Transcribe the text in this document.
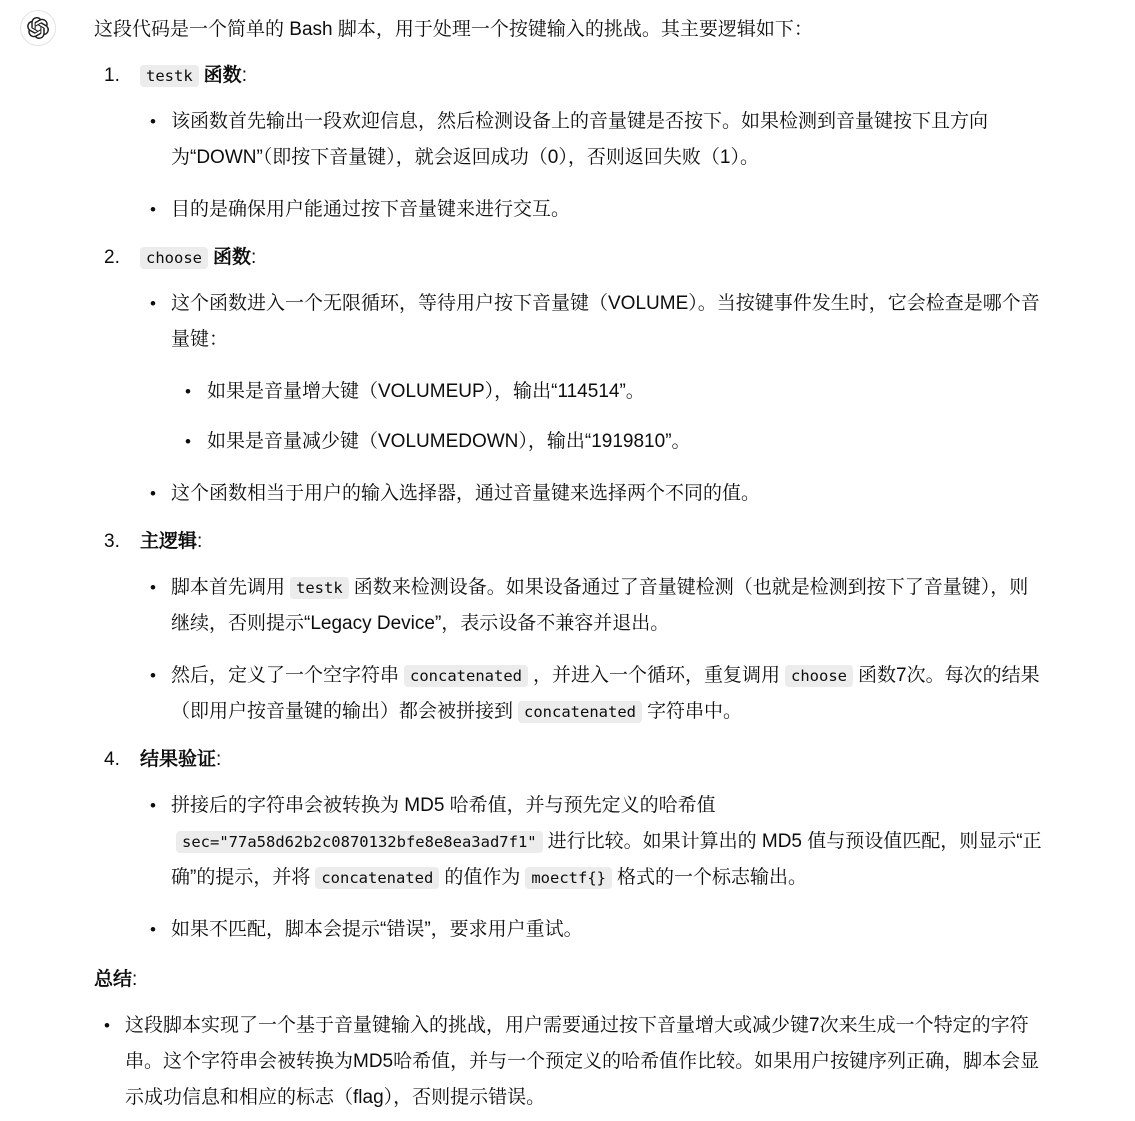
这段代码是一个简单的 Bash 脚本，用于处理一个按键输入的挑战。其主要逻辑如下：

1.	testk 函数:
• 该函数首先输出一段欢迎信息，然后检测设备上的音量键是否按下。如果检测到音量键按下且方向为“DOWN”（即按下音量键），就会返回成功（0），否则返回失败（1）。
• 目的是确保用户能通过按下音量键来进行交互。
2.	choose 函数:
• 这个函数进入一个无限循环，等待用户按下音量键（VOLUME）。当按键事件发生时，它会检查是哪个音量键：
• 如果是音量增大键（VOLUMEUP），输出“114514”。
• 如果是音量减少键（VOLUMEDOWN），输出“1919810”。
• 这个函数相当于用户的输入选择器，通过音量键来选择两个不同的值。
3.	主逻辑:
• 脚本首先调用 testk 函数来检测设备。如果设备通过了音量键检测（也就是检测到按下了音量键），则继续，否则提示“Legacy Device”，表示设备不兼容并退出。
• 然后，定义了一个空字符串 concatenated ，并进入一个循环，重复调用 choose 函数7次。每次的结果（即用户按音量键的输出）都会被拼接到 concatenated 字符串中。
4.	结果验证:
• 拼接后的字符串会被转换为 MD5 哈希值，并与预先定义的哈希值sec="77a58d62b2c0870132bfe8e8ea3ad7f1" 进行比较。如果计算出的 MD5 值与预设值匹配，则显示“正确”的提示，并将 concatenated 的值作为 moectf{} 格式的一个标志输出。
• 如果不匹配，脚本会提示“错误”，要求用户重试。
总结:
• 这段脚本实现了一个基于音量键输入的挑战，用户需要通过按下音量增大或减少键7次来生成一个特定的字符串。这个字符串会被转换为MD5哈希值，并与一个预定义的哈希值作比较。如果用户按键序列正确，脚本会显示成功信息和相应的标志（flag），否则提示错误。
